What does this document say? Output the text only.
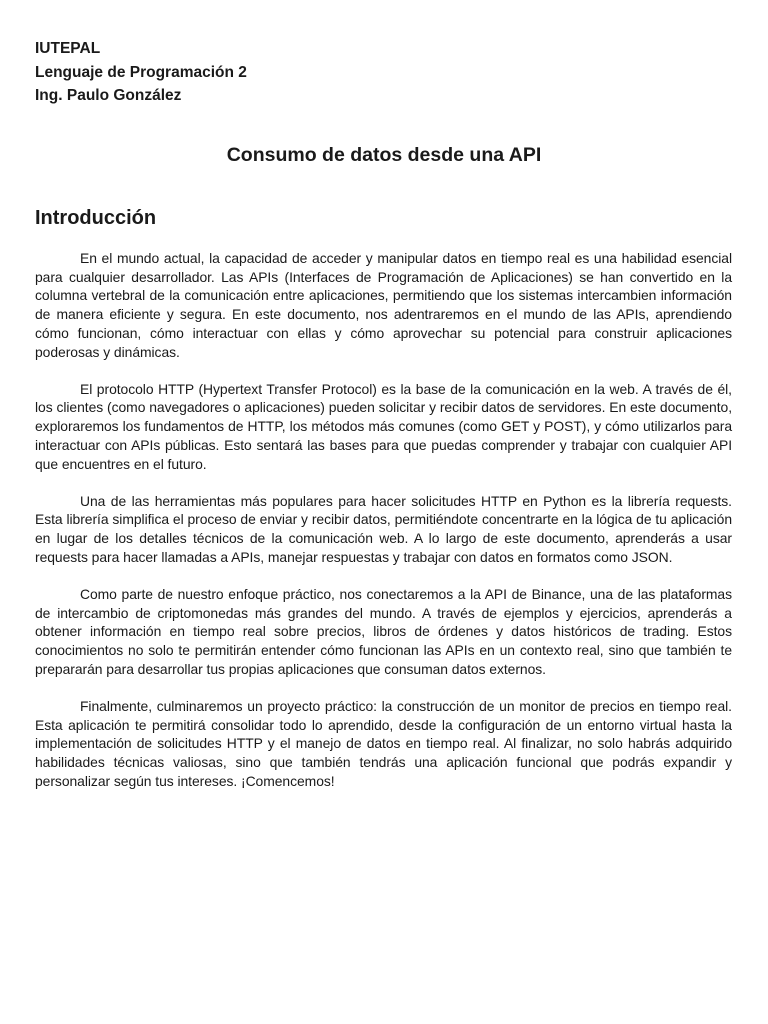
IUTEPAL

Lenguaje de Programación 2

Ing. Paulo González

Consumo de datos desde una API
Introducción

En el mundo actual, la capacidad de acceder y manipular datos en tiempo real es una habilidad esencial para cualquier desarrollador. Las APIs (Interfaces de Programación de Aplicaciones) se han convertido en la columna vertebral de la comunicación entre aplicaciones, permitiendo que los sistemas intercambien información de manera eficiente y segura. En este documento, nos adentraremos en el mundo de las APIs, aprendiendo cómo funcionan, cómo interactuar con ellas y cómo aprovechar su potencial para construir aplicaciones poderosas y dinámicas.

El protocolo HTTP (Hypertext Transfer Protocol) es la base de la comunicación en la web. A través de él, los clientes (como navegadores o aplicaciones) pueden solicitar y recibir datos de servidores. En este documento, exploraremos los fundamentos de HTTP, los métodos más comunes (como GET y POST), y cómo utilizarlos para interactuar con APIs públicas. Esto sentará las bases para que puedas comprender y trabajar con cualquier API que encuentres en el futuro.

Una de las herramientas más populares para hacer solicitudes HTTP en Python es la librería requests. Esta librería simplifica el proceso de enviar y recibir datos, permitiéndote concentrarte en la lógica de tu aplicación en lugar de los detalles técnicos de la comunicación web. A lo largo de este documento, aprenderás a usar requests para hacer llamadas a APIs, manejar respuestas y trabajar con datos en formatos como JSON.

Como parte de nuestro enfoque práctico, nos conectaremos a la API de Binance, una de las plataformas de intercambio de criptomonedas más grandes del mundo. A través de ejemplos y ejercicios, aprenderás a obtener información en tiempo real sobre precios, libros de órdenes y datos históricos de trading. Estos conocimientos no solo te permitirán entender cómo funcionan las APIs en un contexto real, sino que también te prepararán para desarrollar tus propias aplicaciones que consuman datos externos.

Finalmente, culminaremos un proyecto práctico: la construcción de un monitor de precios en tiempo real. Esta aplicación te permitirá consolidar todo lo aprendido, desde la configuración de un entorno virtual hasta la implementación de solicitudes HTTP y el manejo de datos en tiempo real. Al finalizar, no solo habrás adquirido habilidades técnicas valiosas, sino que también tendrás una aplicación funcional que podrás expandir y personalizar según tus intereses. ¡Comencemos!
